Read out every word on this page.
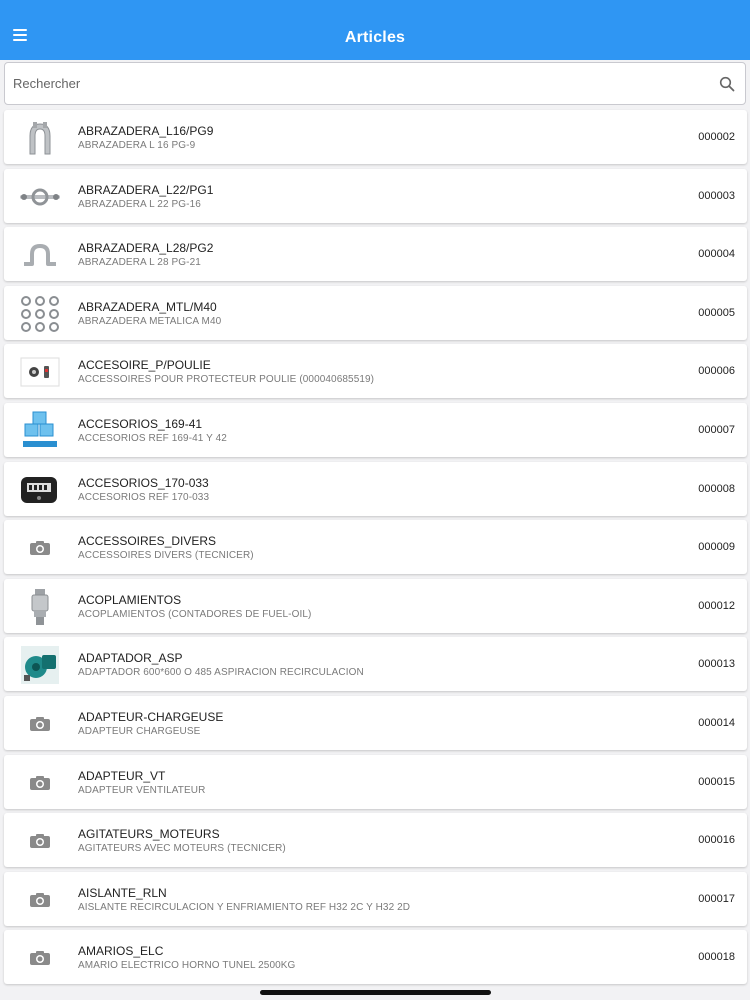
Articles
Rechercher
ABRAZADERA_L16/PG9
ABRAZADERA L 16 PG-9
000002
ABRAZADERA_L22/PG1
ABRAZADERA L 22 PG-16
000003
ABRAZADERA_L28/PG2
ABRAZADERA L 28 PG-21
000004
ABRAZADERA_MTL/M40
ABRAZADERA METALICA M40
000005
ACCESOIRE_P/POULIE
ACCESSOIRES POUR PROTECTEUR POULIE (000040685519)
000006
ACCESORIOS_169-41
ACCESORIOS REF 169-41 Y 42
000007
ACCESORIOS_170-033
ACCESORIOS REF 170-033
000008
ACCESSOIRES_DIVERS
ACCESSOIRES DIVERS (TECNICER)
000009
ACOPLAMIENTOS
ACOPLAMIENTOS (CONTADORES DE FUEL-OIL)
000012
ADAPTADOR_ASP
ADAPTADOR 600*600 O 485 ASPIRACION RECIRCULACION
000013
ADAPTEUR-CHARGEUSE
ADAPTEUR CHARGEUSE
000014
ADAPTEUR_VT
ADAPTEUR VENTILATEUR
000015
AGITATEURS_MOTEURS
AGITATEURS AVEC MOTEURS (TECNICER)
000016
AISLANTE_RLN
AISLANTE RECIRCULACION Y ENFRIAMIENTO REF H32 2C Y H32 2D
000017
AMARIOS_ELC
AMARIO ELECTRICO HORNO TUNEL 2500KG
000018
